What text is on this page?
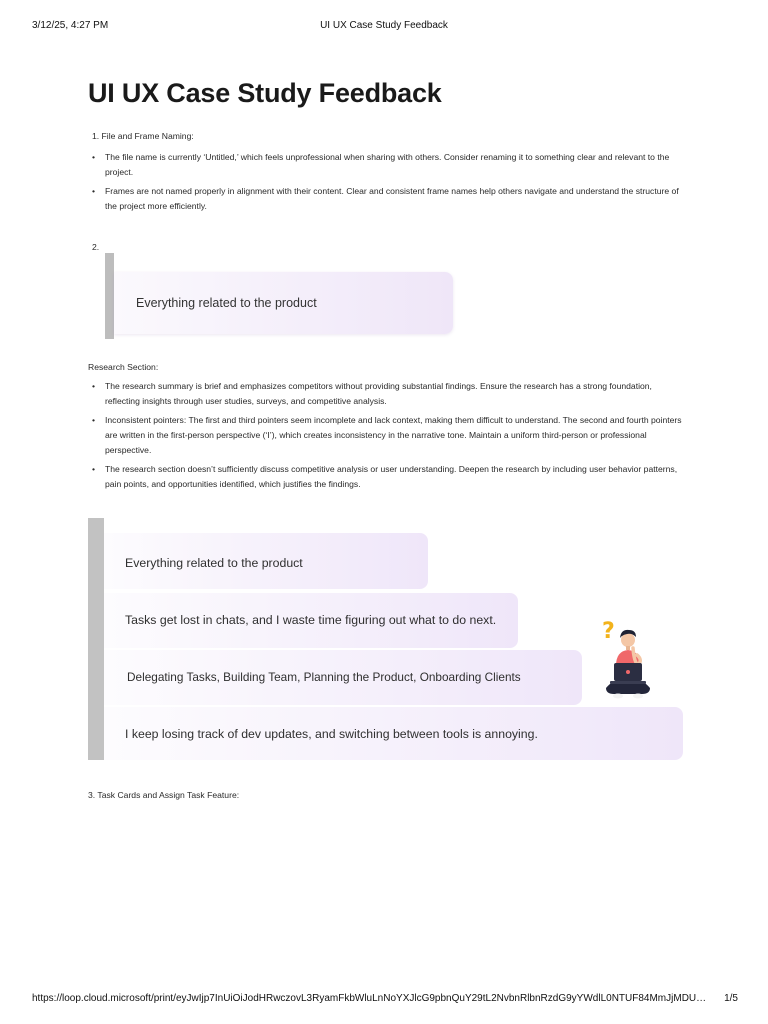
3/12/25, 4:27 PM	UI UX Case Study Feedback
UI UX Case Study Feedback
1. File and Frame Naming:
• The file name is currently ‘Untitled,’ which feels unprofessional when sharing with others. Consider renaming it to something clear and relevant to the project.
• Frames are not named properly in alignment with their content. Clear and consistent frame names help others navigate and understand the structure of the project more efficiently.
2.
Everything related to the product
Research Section:
• The research summary is brief and emphasizes competitors without providing substantial findings. Ensure the research has a strong foundation, reflecting insights through user studies, surveys, and competitive analysis.
• Inconsistent pointers: The first and third pointers seem incomplete and lack context, making them difficult to understand. The second and fourth pointers are written in the first-person perspective (‘I’), which creates inconsistency in the narrative tone. Maintain a uniform third-person or professional perspective.
• The research section doesn’t sufficiently discuss competitive analysis or user understanding. Deepen the research by including user behavior patterns, pain points, and opportunities identified, which justifies the findings.
Everything related to the product
Tasks get lost in chats, and I waste time figuring out what to do next.
Delegating Tasks, Building Team, Planning the Product, Onboarding Clients
I keep losing track of dev updates, and switching between tools is annoying.
?
3. Task Cards and Assign Task Feature:
https://loop.cloud.microsoft/print/eyJwIjp7InUiOiJodHRwczovL3RyamFkbWluLnNoYXJlcG9pbnQuY29tL2NvbnRlbnRzdG9yYWdlL0NTUF84MmJjMDU…	1/5
